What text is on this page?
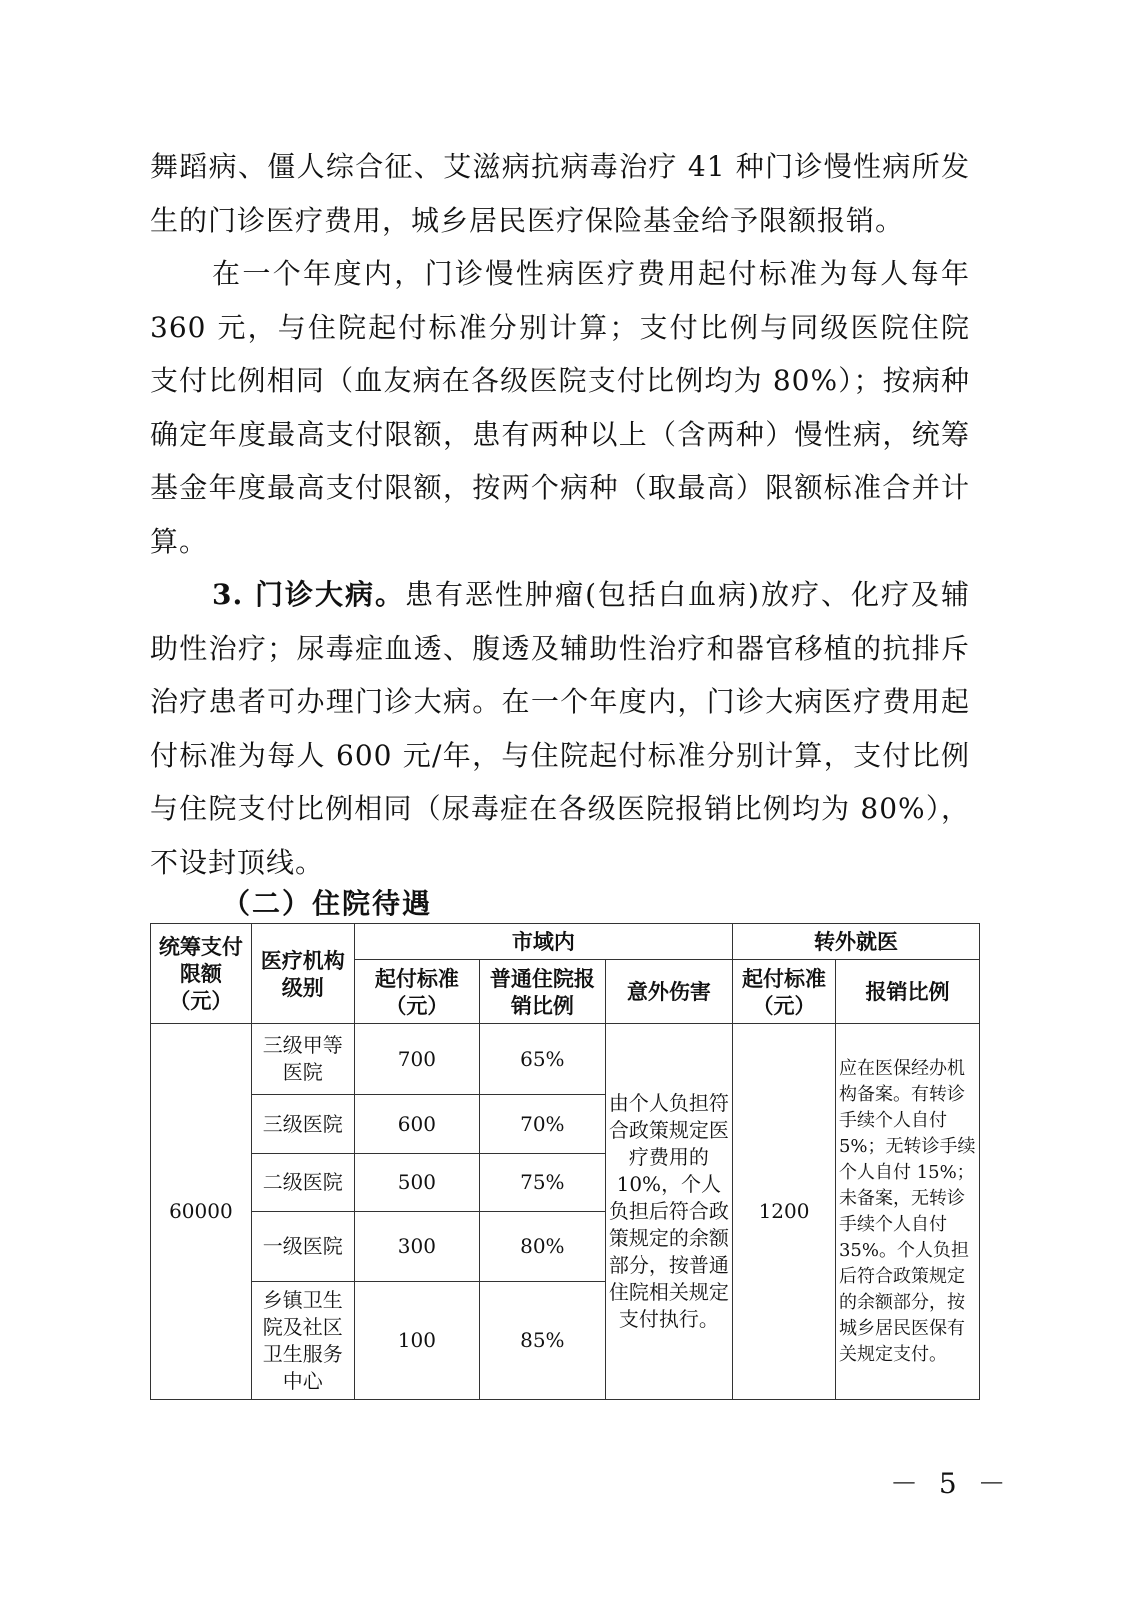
舞蹈病、僵人综合征、艾滋病抗病毒治疗 41 种门诊慢性病所发生的门诊医疗费用，城乡居民医疗保险基金给予限额报销。

在一个年度内，门诊慢性病医疗费用起付标准为每人每年 360 元，与住院起付标准分别计算；支付比例与同级医院住院支付比例相同（血友病在各级医院支付比例均为 80%）；按病种确定年度最高支付限额，患有两种以上（含两种）慢性病，统筹基金年度最高支付限额，按两个病种（取最高）限额标准合并计算。

3. 门诊大病。患有恶性肿瘤(包括白血病)放疗、化疗及辅助性治疗；尿毒症血透、腹透及辅助性治疗和器官移植的抗排斥治疗患者可办理门诊大病。在一个年度内，门诊大病医疗费用起付标准为每人 600 元/年，与住院起付标准分别计算，支付比例与住院支付比例相同（尿毒症在各级医院报销比例均为 80%），不设封顶线。

（二）住院待遇
统筹支付限额（元）	医疗机构级别	市域内			转外就医	
		起付标准（元）	普通住院报销比例	意外伤害	起付标准（元）	报销比例
60000	三级甲等医院	700	65%	由个人负担符合政策规定医疗费用的 10%，个人负担后符合政策规定的余额部分，按普通住院相关规定支付执行。	1200	应在医保经办机构备案。有转诊手续个人自付 5%；无转诊手续个人自付 15%；未备案，无转诊手续个人自付 35%。个人负担后符合政策规定的余额部分，按城乡居民医保有关规定支付。
	三级医院	600	70%			
	二级医院	500	75%			
	一级医院	300	80%			
	乡镇卫生院及社区卫生服务中心	100	85%			
－ 5 －
